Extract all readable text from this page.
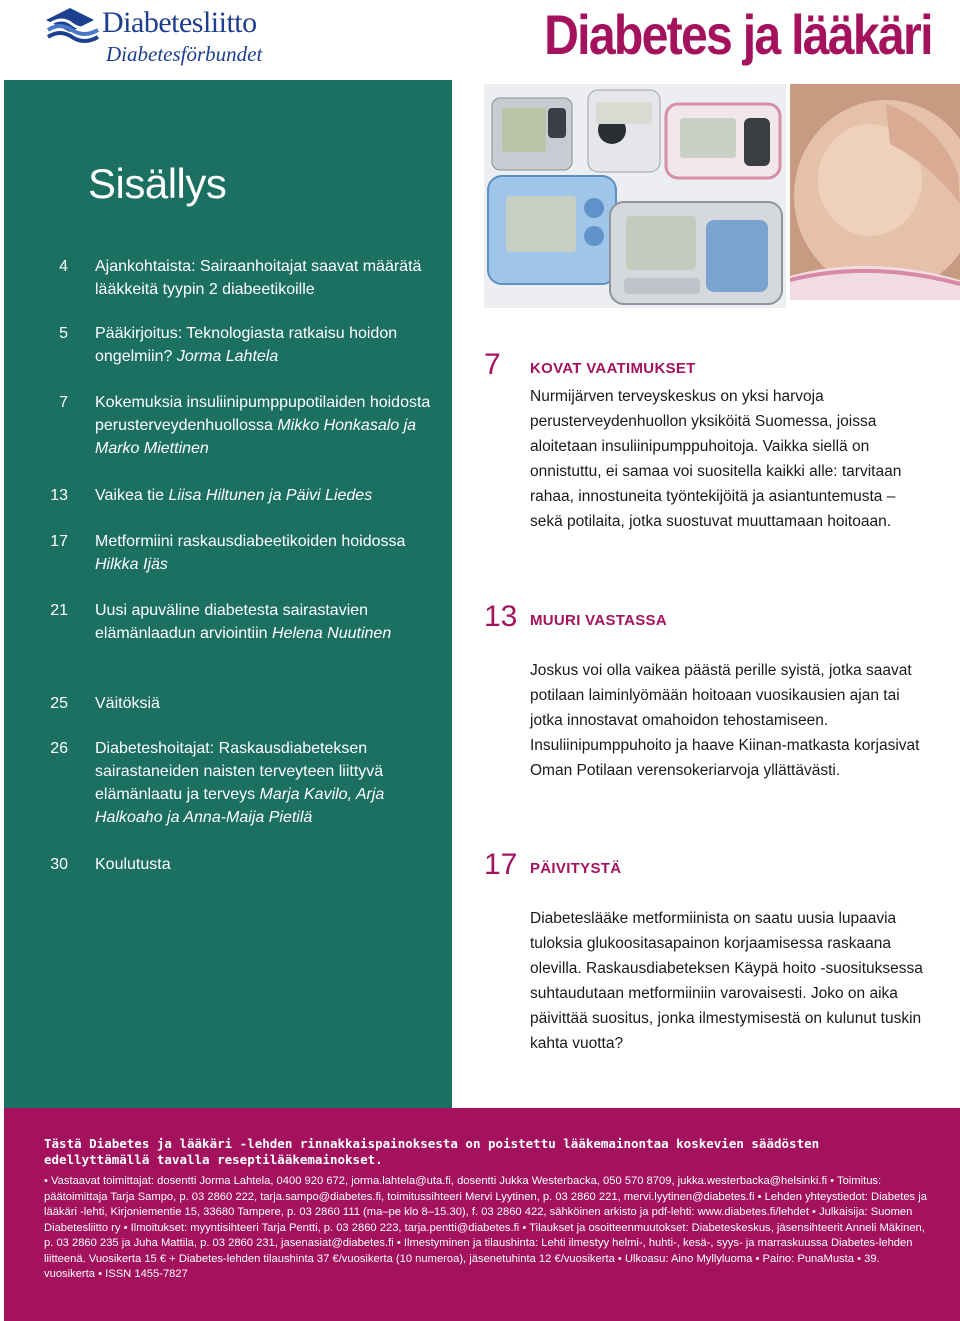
Diabetesliitto
Diabetesförbundet	Diabetes ja lääkäri
Sisällys
4 Ajankohtaista: Sairaanhoitajat saavat määrätä lääkkeitä tyypin 2 diabeetikoille
5 Pääkirjoitus: Teknologiasta ratkaisu hoidon ongelmiin? Jorma Lahtela
7 Kokemuksia insuliinipumppupotilaiden hoidosta perusterveydenhuollossa Mikko Honkasalo ja Marko Miettinen
13 Vaikea tie Liisa Hiltunen ja Päivi Liedes
17 Metformiini raskausdiabeetikoiden hoidossa Hilkka Ijäs
21 Uusi apuväline diabetesta sairastavien elämänlaadun arviointiin Helena Nuutinen
25 Väitöksiä
26 Diabeteshoitajat: Raskausdiabeteksen sairastaneiden naisten terveyteen liittyvä elämänlaatu ja terveys Marja Kavilo, Arja Halkoaho ja Anna-Maija Pietilä
30 Koulutusta
7 KOVAT VAATIMUKSET
Nurmijärven terveyskeskus on yksi harvoja perusterveydenhuollon yksiköitä Suomessa, joissa aloitetaan insuliinipumppuhoitoja. Vaikka siellä on onnistuttu, ei samaa voi suositella kaikki alle: tarvitaan rahaa, innostuneita työntekijöitä ja asiantuntemusta – sekä potilaita, jotka suostuvat muuttamaan hoitoaan.
13 MUURI VASTASSA
Joskus voi olla vaikea päästä perille syistä, jotka saavat potilaan laiminlyömään hoitoaan vuosikausien ajan tai jotka innostavat omahoidon tehostamiseen. Insuliinipumppuhoito ja haave Kiinan-matkasta korjasivat Oman Potilaan verensokeriarvoja yllättävästi.
17 PÄIVITYSTÄ
Diabeteslääke metformiinista on saatu uusia lupaavia tuloksia glukoositasapainon korjaamisessa raskaana olevilla. Raskausdiabeteksen Käypä hoito -suosituksessa suhtaudutaan metformiiniin varovaisesti. Joko on aika päivittää suositus, jonka ilmestymisestä on kulunut tuskin kahta vuotta?
Tästä Diabetes ja lääkäri -lehden rinnakkaispainoksesta on poistettu lääkemainontaa koskevien säädösten edellyttämällä tavalla reseptilääkemainokset.

• Vastaavat toimittajat: dosentti Jorma Lahtela, 0400 920 672, jorma.lahtela@uta.fi, dosentti Jukka Westerbacka, 050 570 8709, jukka.westerbacka@helsinki.fi • Toimitus: päätoimittaja Tarja Sampo, p. 03 2860 222, tarja.sampo@diabetes.fi, toimitussihteeri Mervi Lyytinen, p. 03 2860 221, mervi.lyytinen@diabetes.fi • Lehden yhteystiedot: Diabetes ja lääkäri -lehti, Kirjoniementie 15, 33680 Tampere, p. 03 2860 111 (ma–pe klo 8–15.30), f. 03 2860 422, sähköinen arkisto ja pdf-lehti: www.diabetes.fi/lehdet • Julkaisija: Suomen Diabetesliitto ry • Ilmoitukset: myyntisihteeri Tarja Pentti, p. 03 2860 223, tarja.pentti@diabetes.fi • Tilaukset ja osoitteenmuutokset: Diabeteskeskus, jäsensihteerit Anneli Mäkinen, p. 03 2860 235 ja Juha Mattila, p. 03 2860 231, jasenasiat@diabetes.fi • Ilmestyminen ja tilaushinta: Lehti ilmestyy helmi-, huhti-, kesä-, syys- ja marraskuussa Diabetes-lehden liitteenä. Vuosikerta 15 € + Diabetes-lehden tilaushinta 37 €/vuosikerta (10 numeroa), jäsenetuhinta 12 €/vuosikerta • Ulkoasu: Aino Myllyluoma • Paino: PunaMusta • 39. vuosikerta • ISSN 1455-7827
